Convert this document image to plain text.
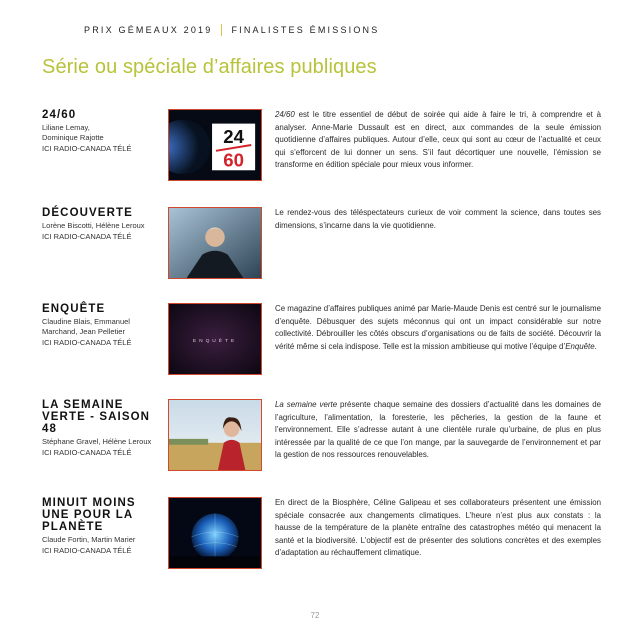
PRIX GÉMEAUX 2019 FINALISTES ÉMISSIONS
Série ou spéciale d’affaires publiques
24/60
Liliane Lemay,
Dominique Rajotte
ICI RADIO-CANADA TÉLÉ
24
60
24/60 est le titre essentiel de début de soirée qui aide à faire le tri, à comprendre et à analyser. Anne-Marie Dussault est en direct, aux commandes de la seule émission quotidienne d’affaires publiques. Autour d’elle, ceux qui sont au cœur de l’actualité et ceux qui s’efforcent de lui donner un sens. S’il faut décortiquer une nouvelle, l’émission se transforme en édition spéciale pour mieux vous informer.
DÉCOUVERTE
Lorène Biscotti, Hélène Leroux
ICI RADIO-CANADA TÉLÉ
Le rendez-vous des téléspectateurs curieux de voir comment la science, dans toutes ses dimensions, s’incarne dans la vie quotidienne.
ENQUÊTE
Claudine Blais, Emmanuel
Marchand, Jean Pelletier
ICI RADIO-CANADA TÉLÉ	ENQUÊTE
Ce magazine d’affaires publiques animé par Marie-Maude Denis est centré sur le journalisme d’enquête. Débusquer des sujets méconnus qui ont un impact considérable sur notre collectivité. Débrouiller les côtés obscurs d’organisations ou de faits de société. Découvrir la vérité même si cela indispose. Telle est la mission ambitieuse qui motive l’équipe d’Enquête.
LA SEMAINE VERTE - SAISON 48
Stéphane Gravel, Hélène Leroux
ICI RADIO-CANADA TÉLÉ
La semaine verte présente chaque semaine des dossiers d’actualité dans les domaines de l’agriculture, l’alimentation, la foresterie, les pêcheries, la gestion de la faune et l’environnement. Elle s’adresse autant à une clientèle rurale qu’urbaine, de plus en plus intéressée par la qualité de ce que l’on mange, par la sauvegarde de l’environnement et par la gestion de nos ressources renouvelables.
MINUIT MOINS UNE POUR LA PLANÈTE
Claude Fortin, Martin Marier
ICI RADIO-CANADA TÉLÉ
En direct de la Biosphère, Céline Galipeau et ses collaborateurs présentent une émission spéciale consacrée aux changements climatiques. L’heure n’est plus aux constats : la hausse de la température de la planète entraîne des catastrophes météo qui menacent la santé et la biodiversité. L’objectif est de présenter des solutions concrètes et des exemples d’adaptation au réchauffement climatique.
72
